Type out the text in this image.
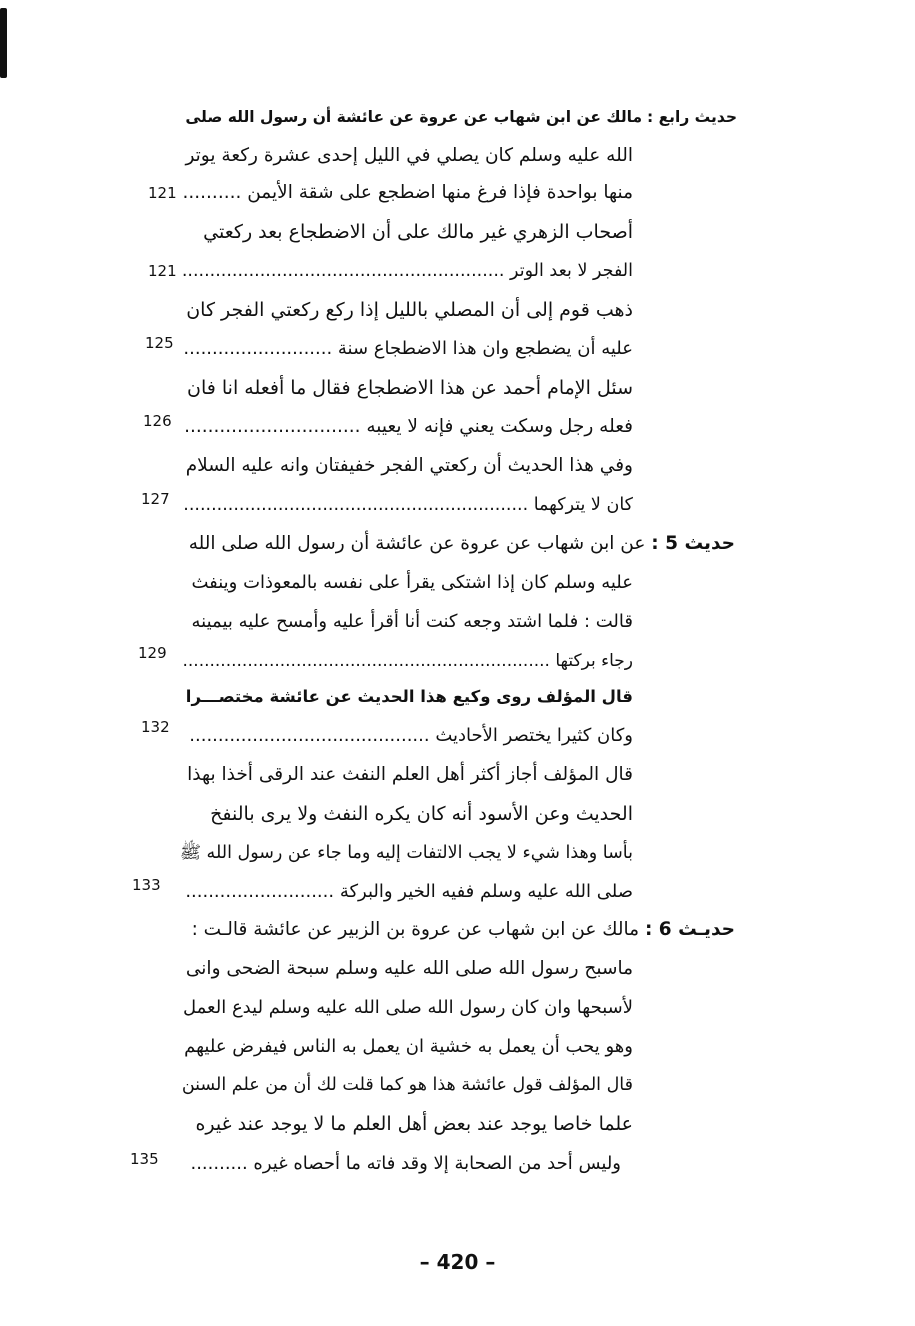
حديث رابع : مالك عن ابن شهاب عن عروة عن عائشة أن رسول الله صلى
الله عليه وسلم كان يصلي في الليل إحدى عشرة ركعة يوتر
منها بواحدة فإذا فرغ منها اضطجع على شقة الأيمن ..........
121
أصحاب الزهري غير مالك على أن الاضطجاع بعد ركعتي
الفجر لا بعد الوتر ..........................................................
121
ذهب قوم إلى أن المصلي بالليل إذا ركع ركعتي الفجر كان
عليه أن يضطجع وان هذا الاضطجاع سنة ..........................
125
سئل الإمام أحمد عن هذا الاضطجاع فقال ما أفعله انا فان
فعله رجل وسكت يعني فإنه لا يعيبه ..............................
126
وفي هذا الحديث أن ركعتي الفجر خفيفتان وانه عليه السلام
كان لا يتركهما ..............................................................
127
حديث 5 : عن ابن شهاب عن عروة عن عائشة أن رسول الله صلى الله
عليه وسلم كان إذا اشتكى يقرأ على نفسه بالمعوذات وينفث
قالت : فلما اشتد وجعه كنت أنا أقرأ عليه وأمسح عليه بيمينه
رجاء بركتها ....................................................................
129
قال المؤلف روى وكيع هذا الحديث عن عائشة مختصـــرا
وكان كثيرا يختصر الأحاديث ..........................................
132
قال المؤلف أجاز أكثر أهل العلم النفث عند الرقى أخذا بهذا
الحديث وعن الأسود أنه كان يكره النفث ولا يرى بالنفخ
بأسا وهذا شيء لا يجب الالتفات إليه وما جاء عن رسول الله ﷺ
صلى الله عليه وسلم ففيه الخير والبركة ..........................
133
حديـث 6 : مالك عن ابن شهاب عن عروة بن الزبير عن عائشة قالـت :
ماسبح رسول الله صلى الله عليه وسلم سبحة الضحى وانى
لأسبحها وان كان رسول الله صلى الله عليه وسلم ليدع العمل
وهو يحب أن يعمل به خشية ان يعمل به الناس فيفرض عليهم
قال المؤلف قول عائشة هذا هو كما قلت لك أن من علم السنن
علما خاصا يوجد عند بعض أهل العلم ما لا يوجد عند غيره
وليس أحد من الصحابة إلا وقد فاته ما أحصاه غيره ..........
135
– 420 –
